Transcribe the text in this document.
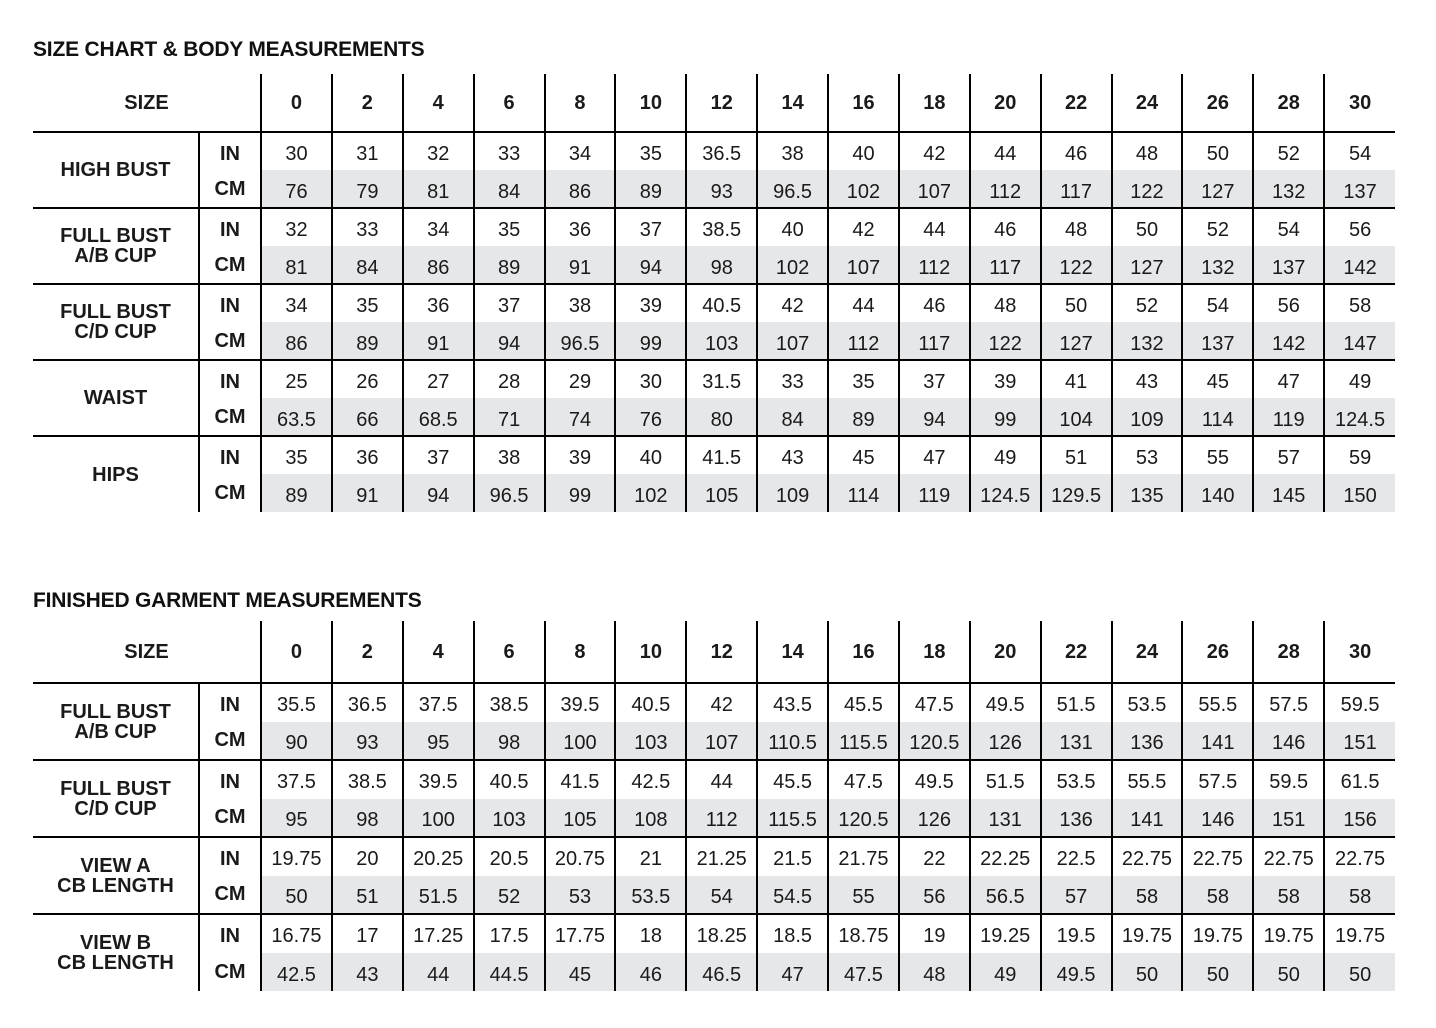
SIZE CHART & BODY MEASUREMENTS
SIZE		0	2	4	6	8	10	12	14	16	18	20	22	24	26	28	30
HIGH BUST	IN	30	31	32	33	34	35	36.5	38	40	42	44	46	48	50	52	54
	CM	76	79	81	84	86	89	93	96.5	102	107	112	117	122	127	132	137
FULL BUST
A/B CUP	IN	32	33	34	35	36	37	38.5	40	42	44	46	48	50	52	54	56
	CM	81	84	86	89	91	94	98	102	107	112	117	122	127	132	137	142
FULL BUST
C/D CUP	IN	34	35	36	37	38	39	40.5	42	44	46	48	50	52	54	56	58
	CM	86	89	91	94	96.5	99	103	107	112	117	122	127	132	137	142	147
WAIST	IN	25	26	27	28	29	30	31.5	33	35	37	39	41	43	45	47	49
	CM	63.5	66	68.5	71	74	76	80	84	89	94	99	104	109	114	119	124.5
HIPS	IN	35	36	37	38	39	40	41.5	43	45	47	49	51	53	55	57	59
	CM	89	91	94	96.5	99	102	105	109	114	119	124.5	129.5	135	140	145	150
FINISHED GARMENT MEASUREMENTS
SIZE		0	2	4	6	8	10	12	14	16	18	20	22	24	26	28	30
FULL BUST
A/B CUP	IN	35.5	36.5	37.5	38.5	39.5	40.5	42	43.5	45.5	47.5	49.5	51.5	53.5	55.5	57.5	59.5
	CM	90	93	95	98	100	103	107	110.5	115.5	120.5	126	131	136	141	146	151
FULL BUST
C/D CUP	IN	37.5	38.5	39.5	40.5	41.5	42.5	44	45.5	47.5	49.5	51.5	53.5	55.5	57.5	59.5	61.5
	CM	95	98	100	103	105	108	112	115.5	120.5	126	131	136	141	146	151	156
VIEW A
CB LENGTH	IN	19.75	20	20.25	20.5	20.75	21	21.25	21.5	21.75	22	22.25	22.5	22.75	22.75	22.75	22.75
	CM	50	51	51.5	52	53	53.5	54	54.5	55	56	56.5	57	58	58	58	58
VIEW B
CB LENGTH	IN	16.75	17	17.25	17.5	17.75	18	18.25	18.5	18.75	19	19.25	19.5	19.75	19.75	19.75	19.75
	CM	42.5	43	44	44.5	45	46	46.5	47	47.5	48	49	49.5	50	50	50	50
